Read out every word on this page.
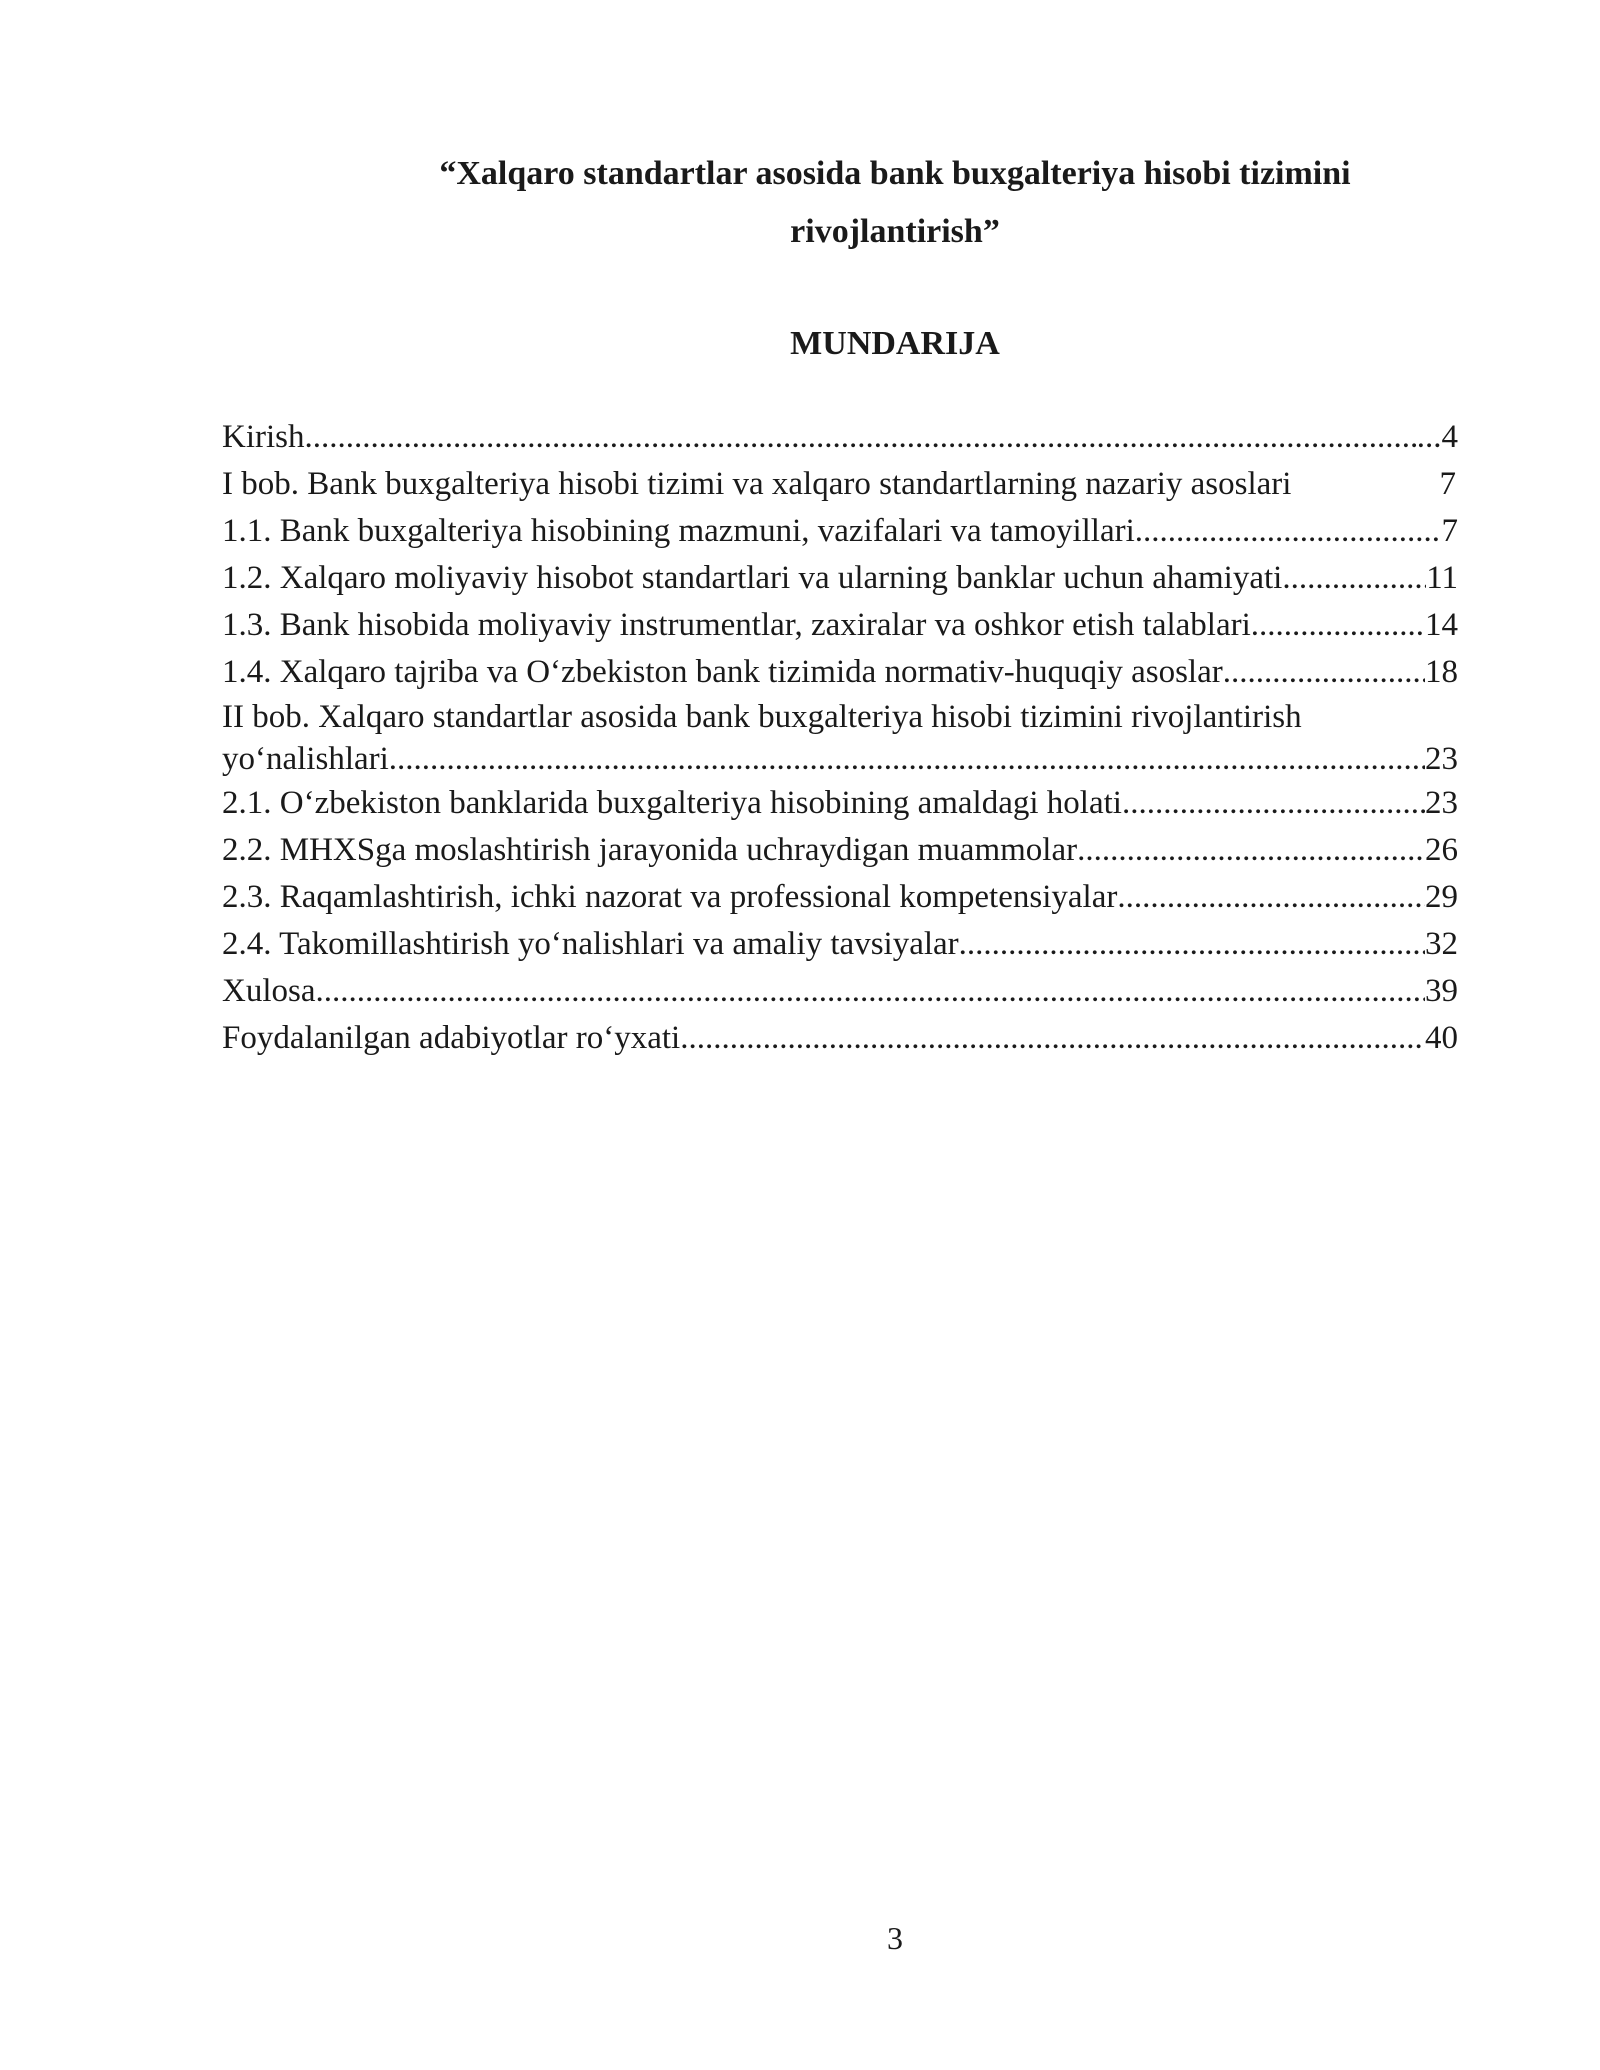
“Xalqaro standartlar asosida bank buxgalteriya hisobi tizimini
rivojlantirish”
MUNDARIJA
Kirish .....	...4
I bob. Bank buxgalteriya hisobi tizimi va xalqaro standartlarning nazariy asoslari	7
1.1. Bank buxgalteriya hisobining mazmuni, vazifalari va tamoyillari .....	7
1.2. Xalqaro moliyaviy hisobot standartlari va ularning banklar uchun ahamiyati .....	11
1.3. Bank hisobida moliyaviy instrumentlar, zaxiralar va oshkor etish talablari .....	14
1.4. Xalqaro tajriba va O‘zbekiston bank tizimida normativ-huquqiy asoslar .....	18
II bob. Xalqaro standartlar asosida bank buxgalteriya hisobi tizimini rivojlantirish
yo‘nalishlari .....	23
2.1. O‘zbekiston banklarida buxgalteriya hisobining amaldagi holati .....	23
2.2. MHXSga moslashtirish jarayonida uchraydigan muammolar .....	26
2.3. Raqamlashtirish, ichki nazorat va professional kompetensiyalar .....	29
2.4. Takomillashtirish yo‘nalishlari va amaliy tavsiyalar .....	32
Xulosa .....	39
Foydalanilgan adabiyotlar ro‘yxati .....	40
3
